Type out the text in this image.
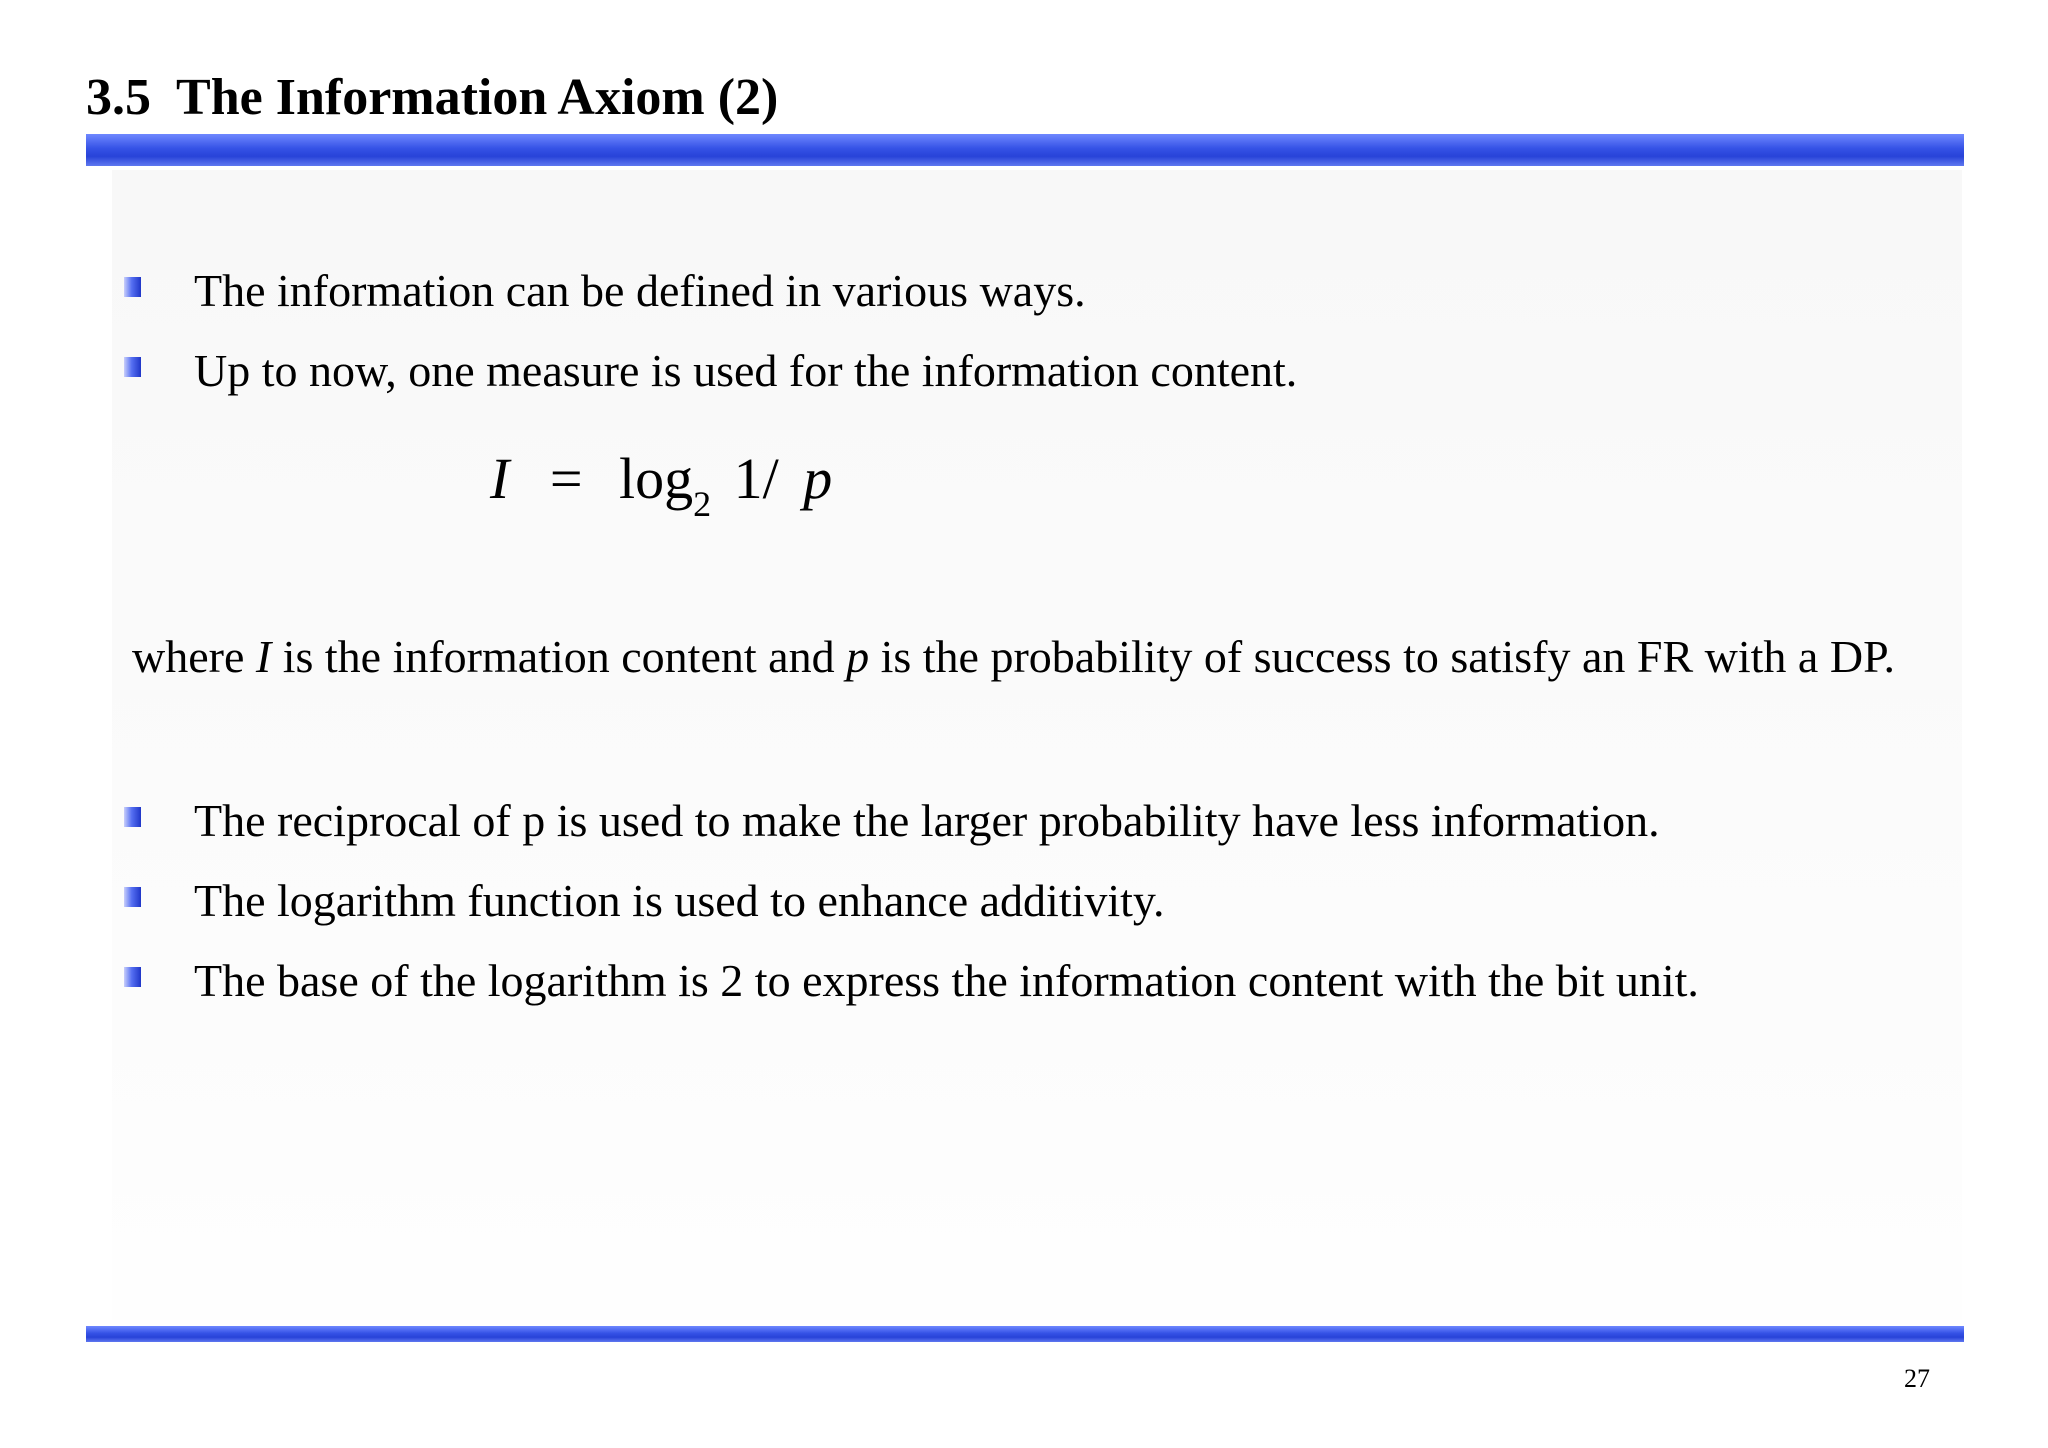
3.5  The Information Axiom (2)
The information can be defined in various ways.
Up to now, one measure is used for the information content.
I = log2 1/ p
where I is the information content and p is the probability of success to satisfy an FR with a DP.
The reciprocal of p is used to make the larger probability have less information.
The logarithm function is used to enhance additivity.
The base of the logarithm is 2 to express the information content with the bit unit.
27
